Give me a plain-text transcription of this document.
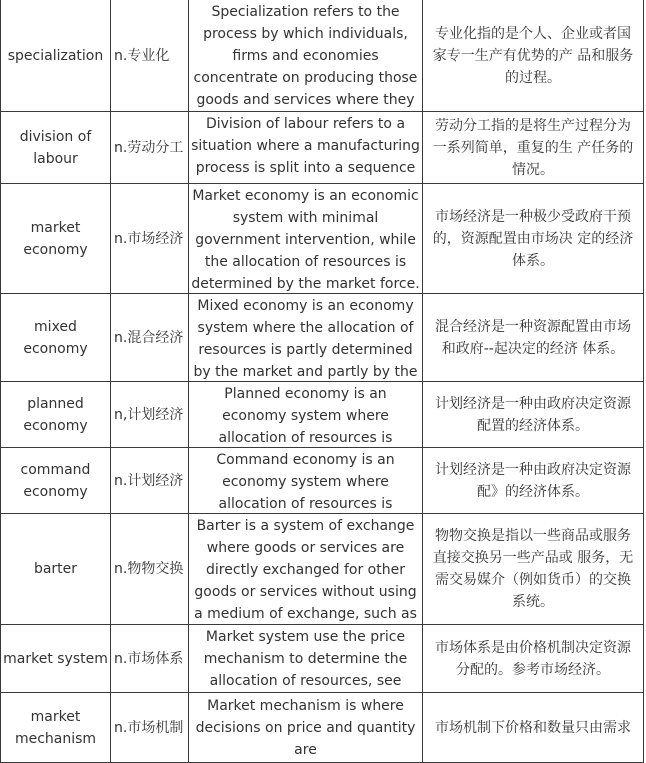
specialization	n.专业化	Specialization refers to the process by which individuals, firms and economies concentrate on producing those goods and services where they	专业化指的是个人、企业或者国家专一生产有优势的产 品和服务的过程。

division of labour	n.劳动分工	Division of labour refers to a situation where a manufacturing process is split into a sequence	劳动分工指的是将生产过程分为一系列简单，重复的生 产任务的情况。

market economy	n.市场经济	Market economy is an economic system with minimal government intervention, while the allocation of resources is determined by the market force.	市场经济是一种极少受政府干预的，资源配置由市场决 定的经济体系。

mixed economy	n.混合经济	Mixed economy is an economy system where the allocation of resources is partly determined by the market and partly by the	混合经济是一种资源配置由市场和政府--起决定的经济 体系。

planned economy	n,计划经济	Planned economy is an economy system where allocation of resources is	计划经济是一种由政府决定资源配置的经济体系。

command economy	n.计划经济	Command economy is an economy system where allocation of resources is	计划经济是一种由政府决定资源配》的经济体系。

barter	n.物物交换	Barter is a system of exchange where goods or services are directly exchanged for other goods or services without using a medium of exchange, such as	物物交换是指以一些商品或服务直接交换另一些产品或 服务，无需交易媒介（例如货币）的交换系统。

market system	n.市场体系	Market system use the price mechanism to determine the allocation of resources, see	市场体系是由价格机制决定资源分配的。参考市场经济。

market mechanism	n.市场机制	Market mechanism is where decisions on price and quantity are	市场机制下价格和数量只由需求
